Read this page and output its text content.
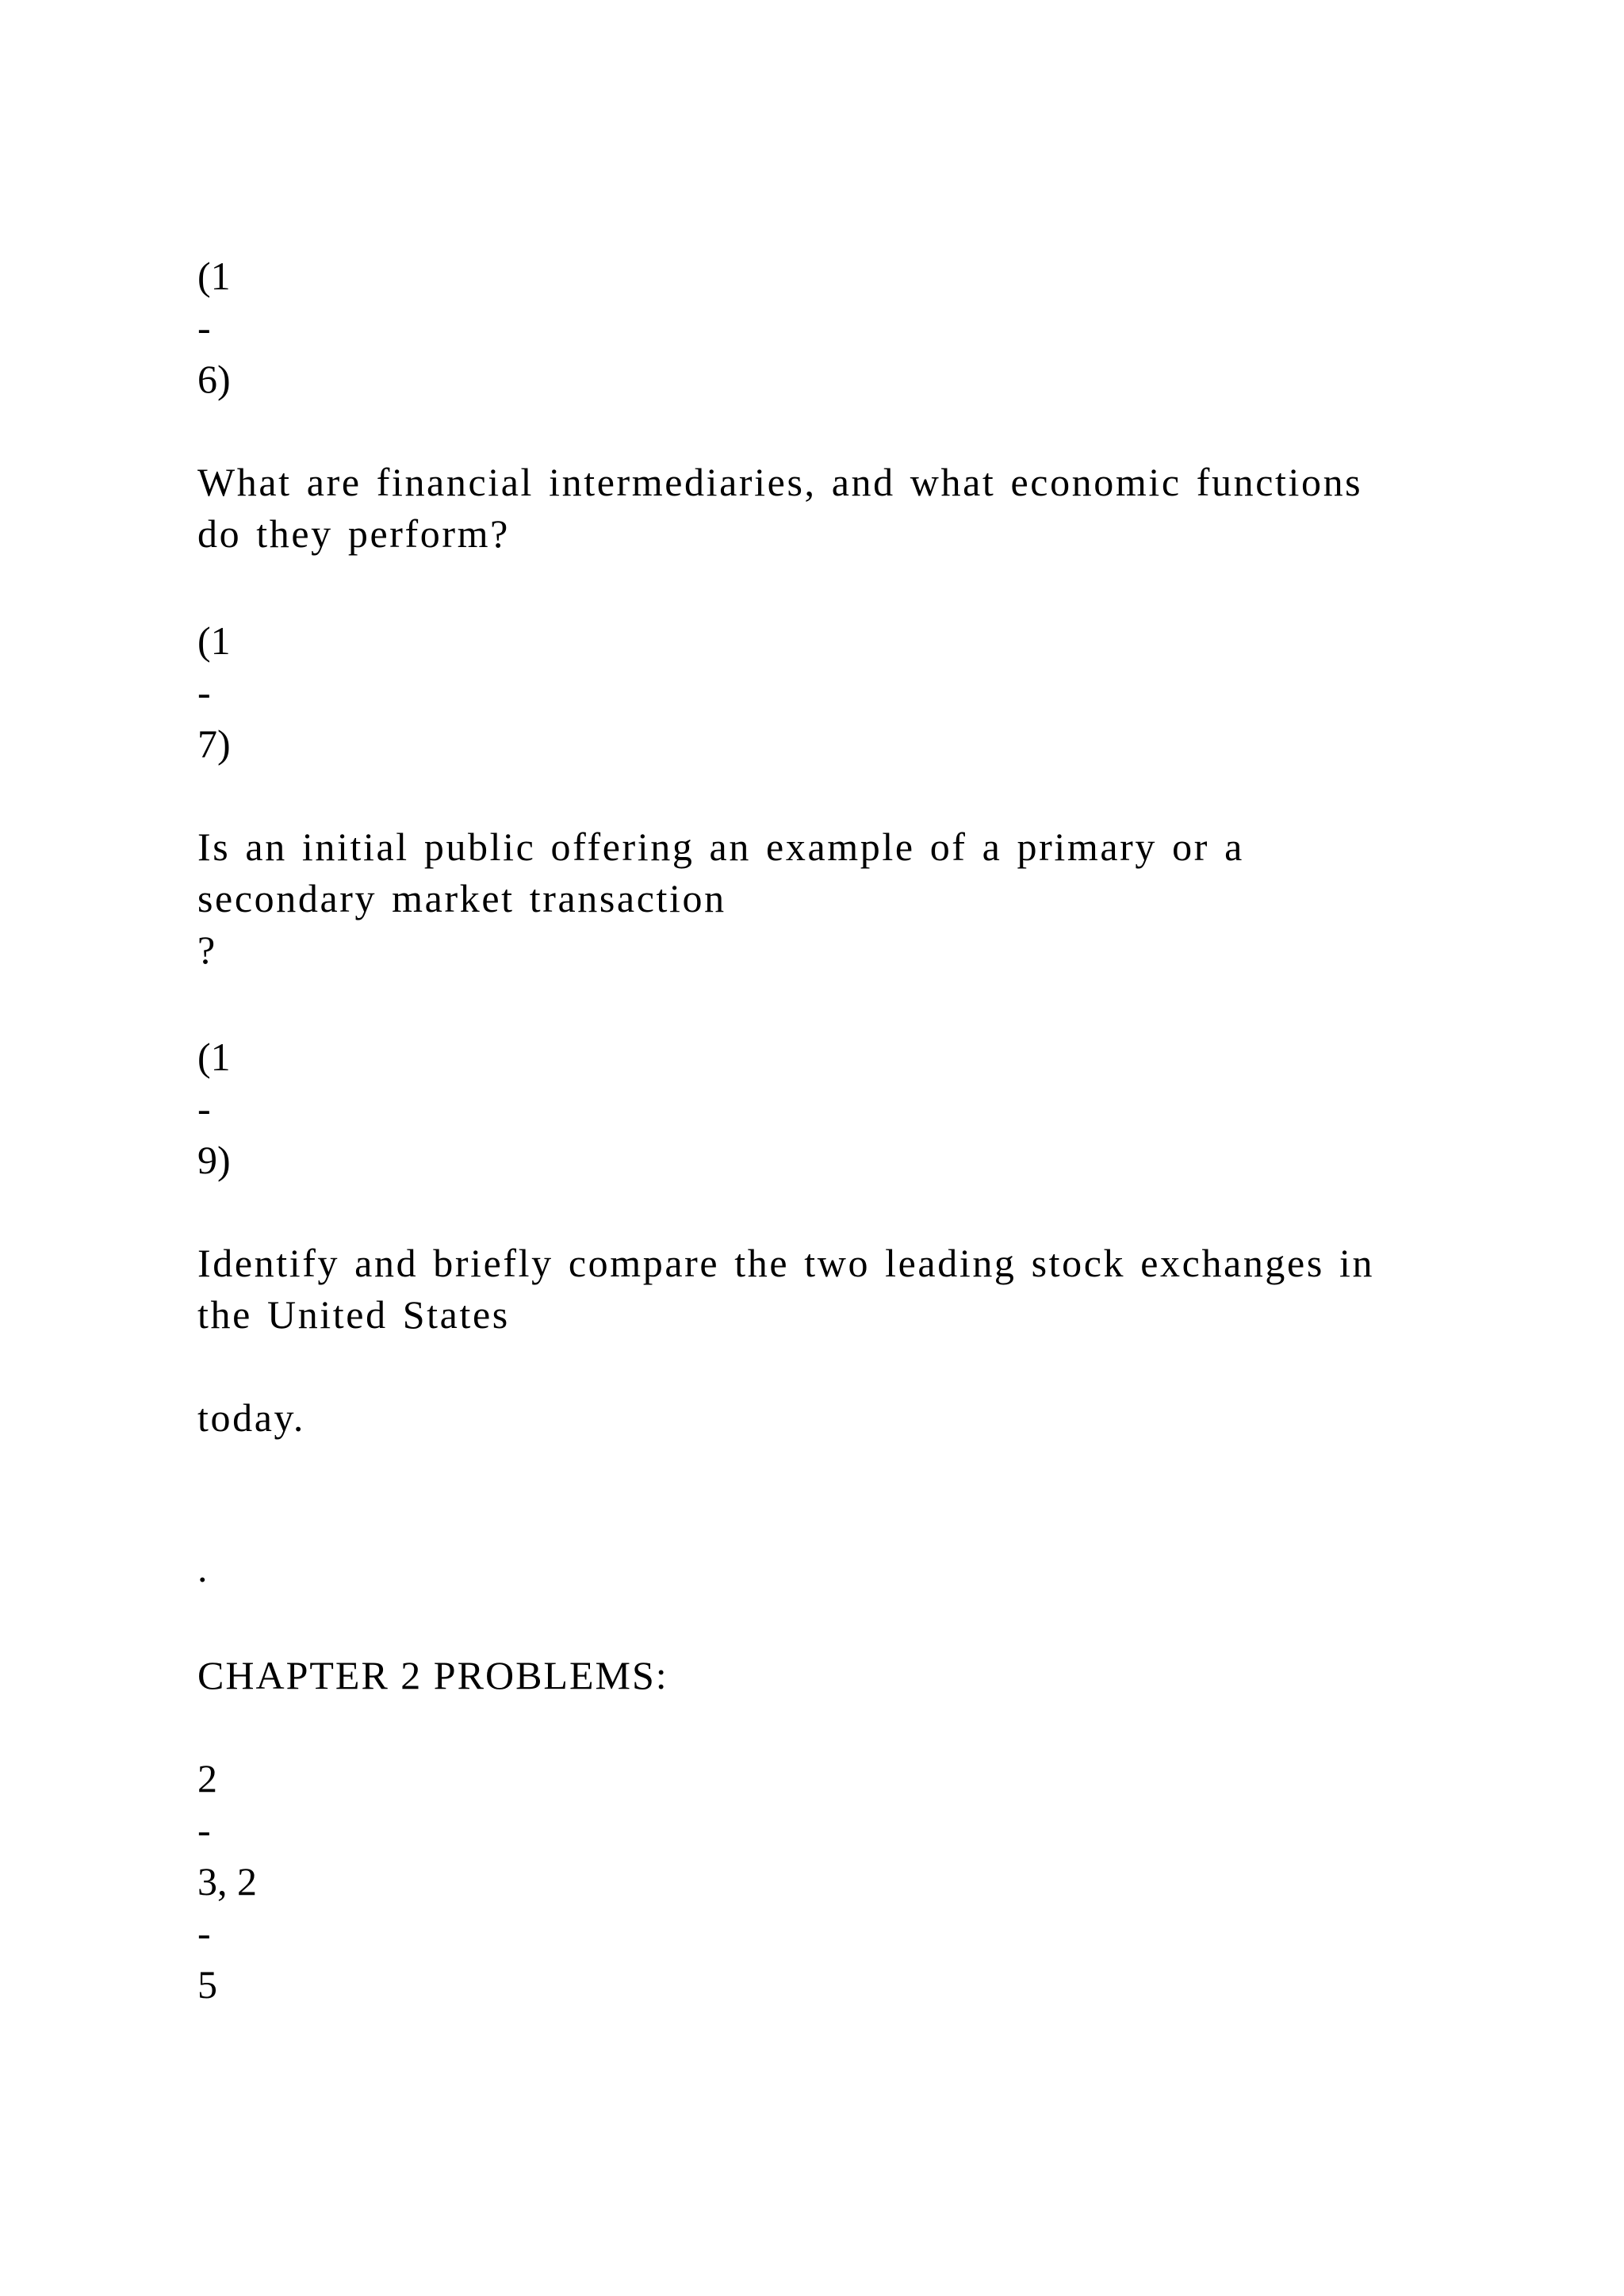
(1

-

6)

What are financial intermediaries, and what economic functions

do they perform?

(1

-

7)

Is an initial public offering an example of a primary or a

secondary market transaction

?

(1

-

9)

Identify and briefly compare the two leading stock exchanges in

the United States

today.

.

CHAPTER 2 PROBLEMS:

2

-

3, 2

-

5
